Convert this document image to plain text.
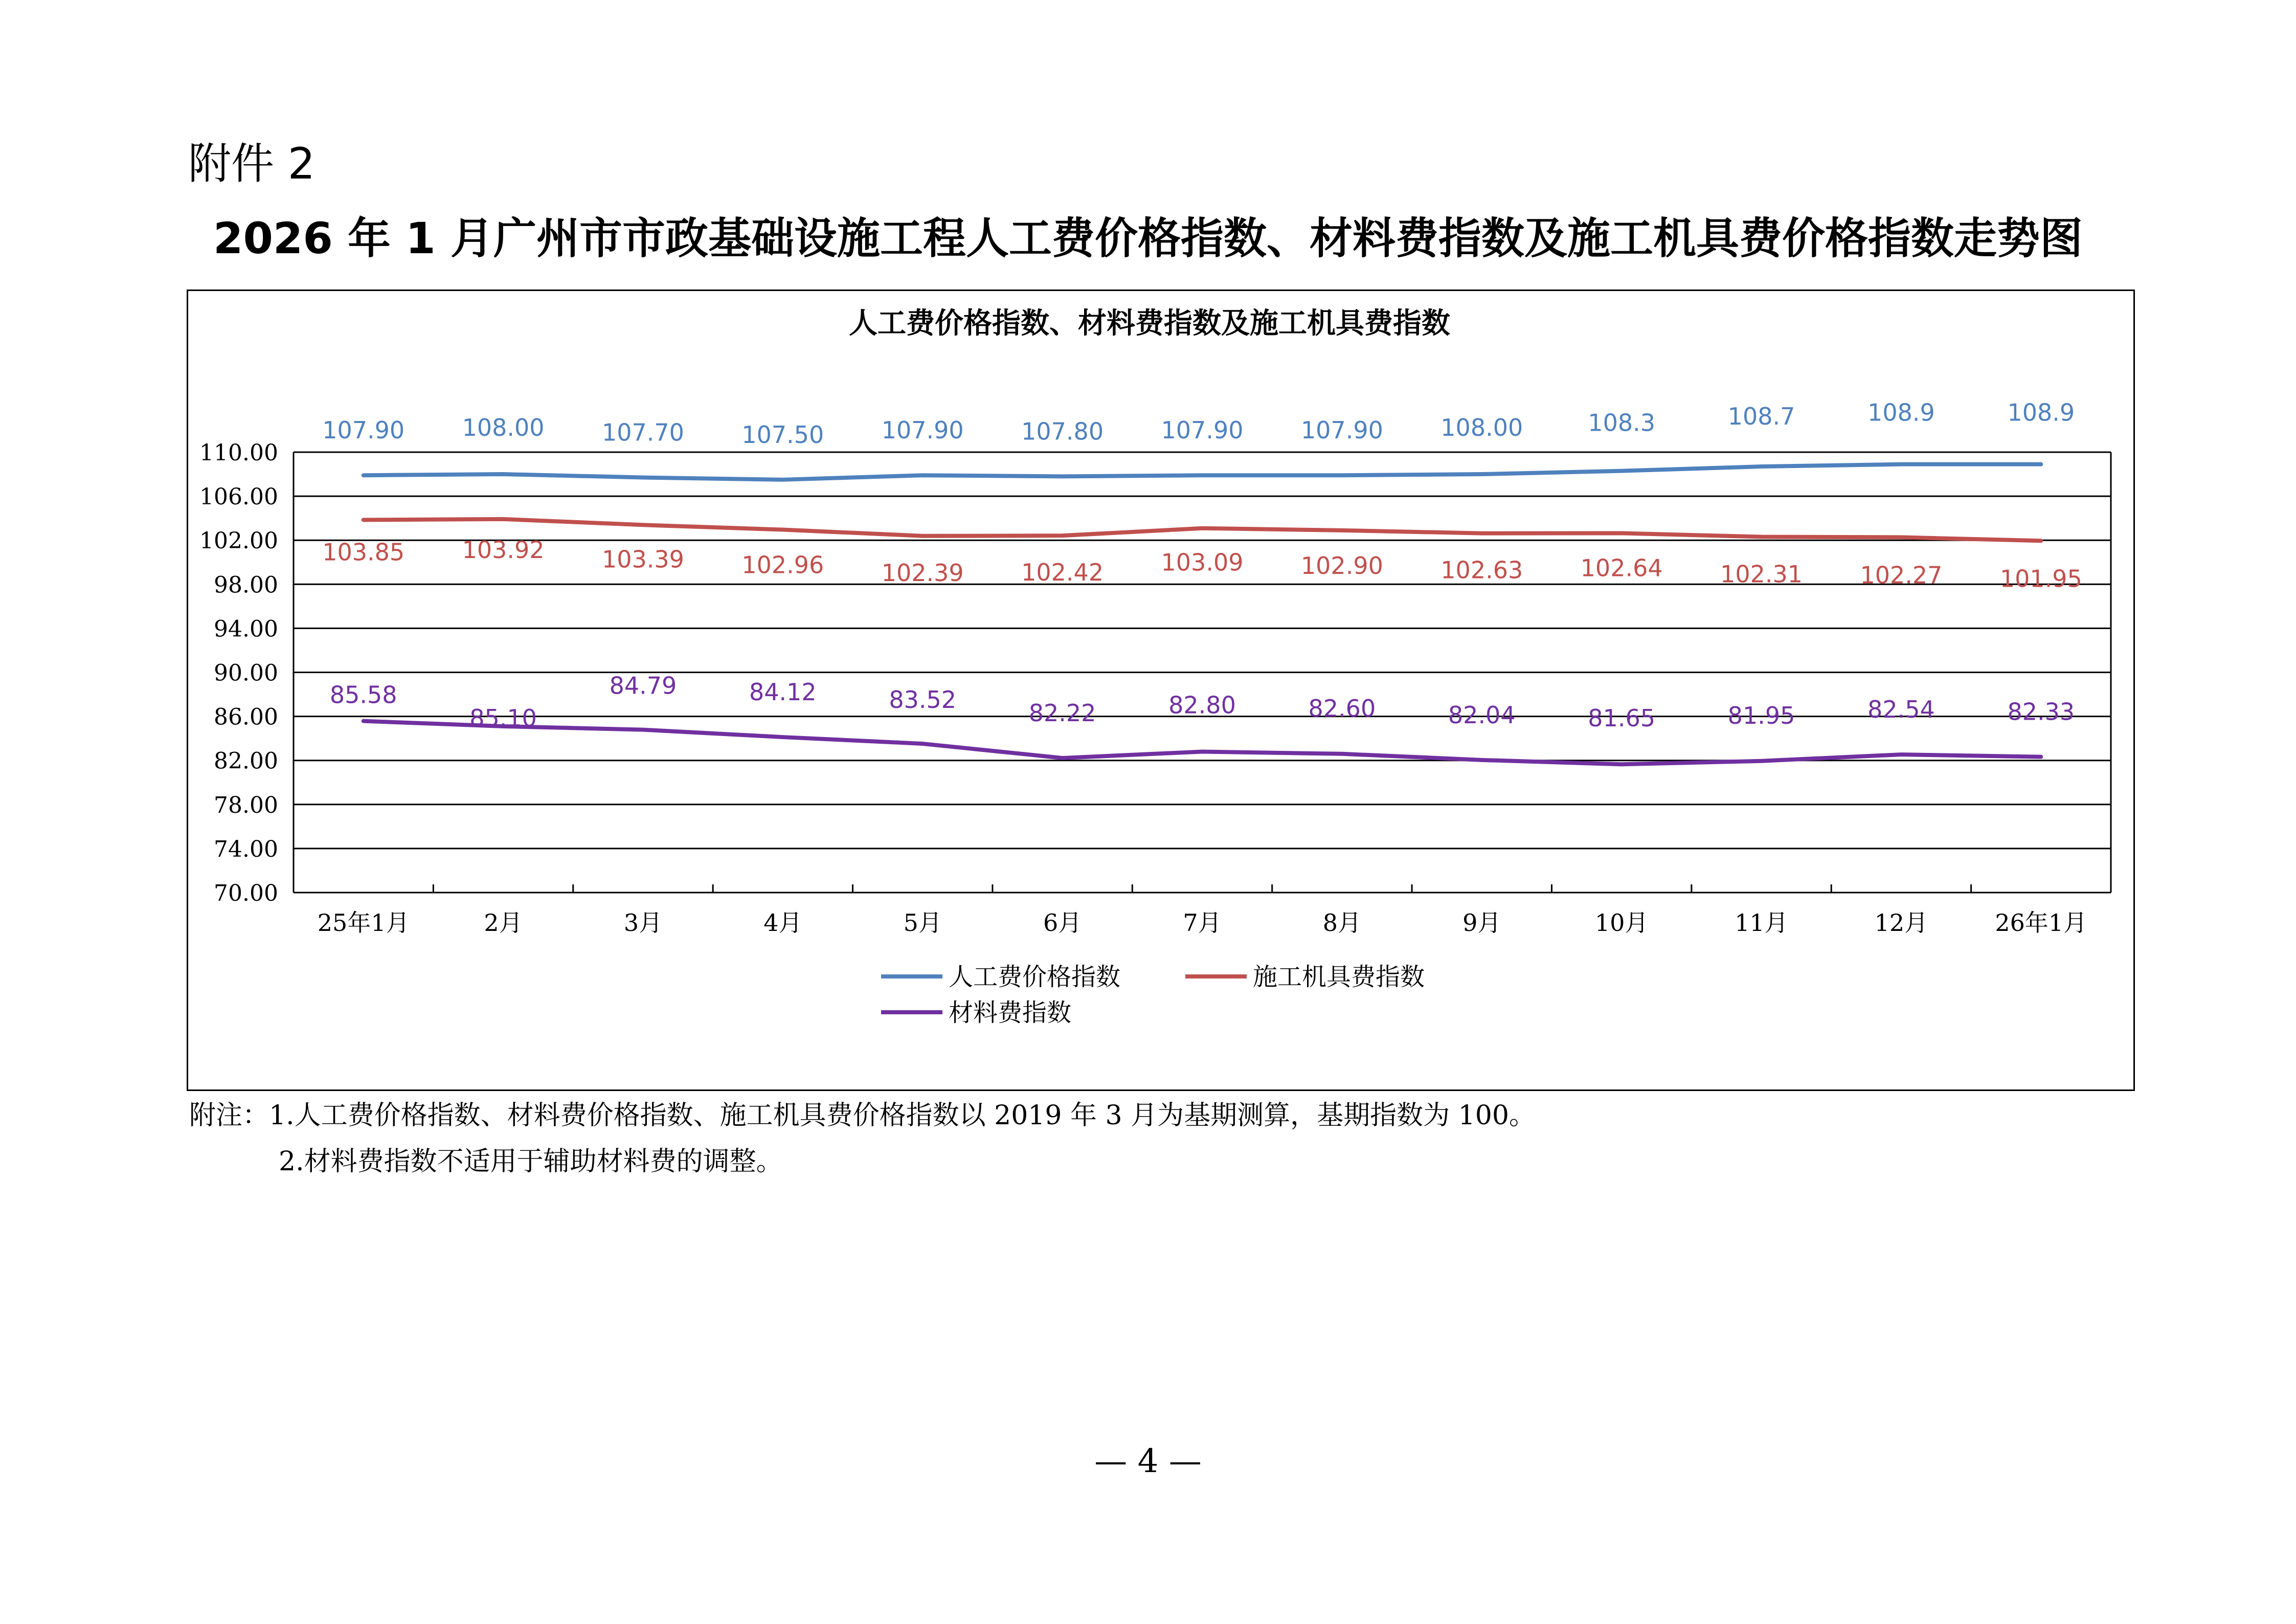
附件 2
2026 年 1 月广州市市政基础设施工程人工费价格指数、材料费指数及施工机具费价格指数走势图
人工费价格指数、材料费指数及施工机具费指数
110.00
106.00
102.00
98.00
94.00
90.00
86.00
82.00
78.00
74.00
70.00
25年1月	2月	3月	4月	5月	6月	7月	8月	9月	10月	11月	12月	26年1月
107.90 108.00 107.70 107.50 107.90 107.80 107.90 107.90 108.00	108.3	108.7	108.9	108.9
103.85 103.92 103.39 102.96 102.39 102.42 103.09 102.90 102.63 102.64 102.31 102.27 101.95
85.58
85.10
84.79	84.12	83.52	82.22	82.80	82.60	82.04	81.65	81.95	82.54	82.33
人工费价格指数	施工机具费指数
材料费指数
附注：1.人工费价格指数、材料费价格指数、施工机具费价格指数以 2019 年 3 月为基期测算，基期指数为 100。
2.材料费指数不适用于辅助材料费的调整。
— 4 —
